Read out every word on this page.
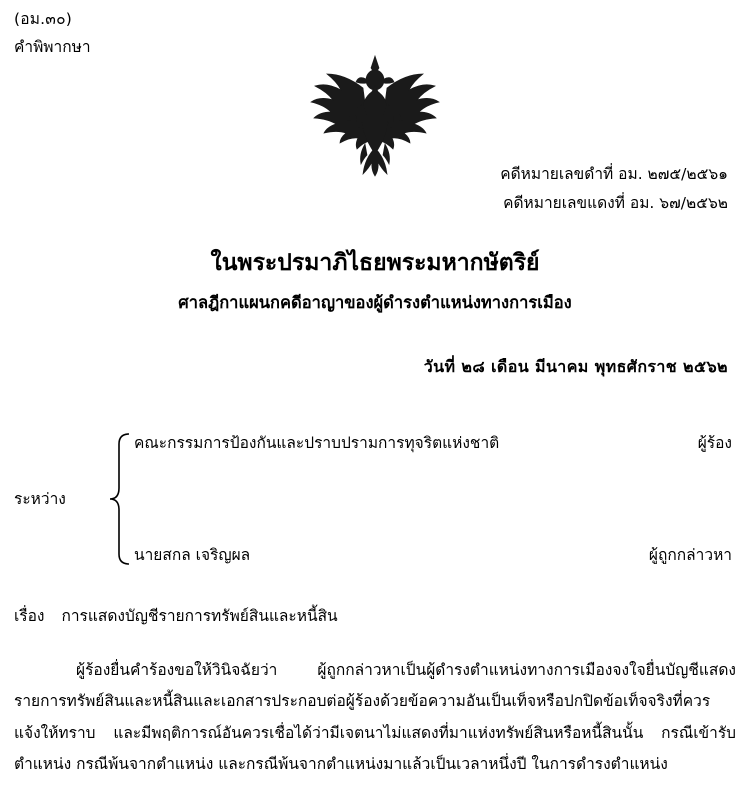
(อม.๓๐)
คำพิพากษา
คดีหมายเลขดำที่ อม. ๒๗๕/๒๕๖๑
คดีหมายเลขแดงที่ อม. ๖๗/๒๕๖๒
ในพระปรมาภิไธยพระมหากษัตริย์
ศาลฎีกาแผนกคดีอาญาของผู้ดำรงตำแหน่งทางการเมือง
วันที่ ๒๘ เดือน มีนาคม พุทธศักราช ๒๕๖๒
ระหว่าง
คณะกรรมการป้องกันและปราบปรามการทุจริตแห่งชาติ	ผู้ร้อง
นายสกล เจริญผล	ผู้ถูกกล่าวหา
เรื่อง การแสดงบัญชีรายการทรัพย์สินและหนี้สิน

ผู้ร้องยื่นคำร้องขอให้วินิจฉัยว่า ผู้ถูกกล่าวหาเป็นผู้ดำรงตำแหน่งทางการเมืองจงใจยื่นบัญชีแสดงรายการทรัพย์สินและหนี้สินและเอกสารประกอบต่อผู้ร้องด้วยข้อความอันเป็นเท็จหรือปกปิดข้อเท็จจริงที่ควรแจ้งให้ทราบ และมีพฤติการณ์อันควรเชื่อได้ว่ามีเจตนาไม่แสดงที่มาแห่งทรัพย์สินหรือหนี้สินนั้น กรณีเข้ารับตำแหน่ง กรณีพ้นจากตำแหน่ง และกรณีพ้นจากตำแหน่งมาแล้วเป็นเวลาหนึ่งปี ในการดำรงตำแหน่ง
